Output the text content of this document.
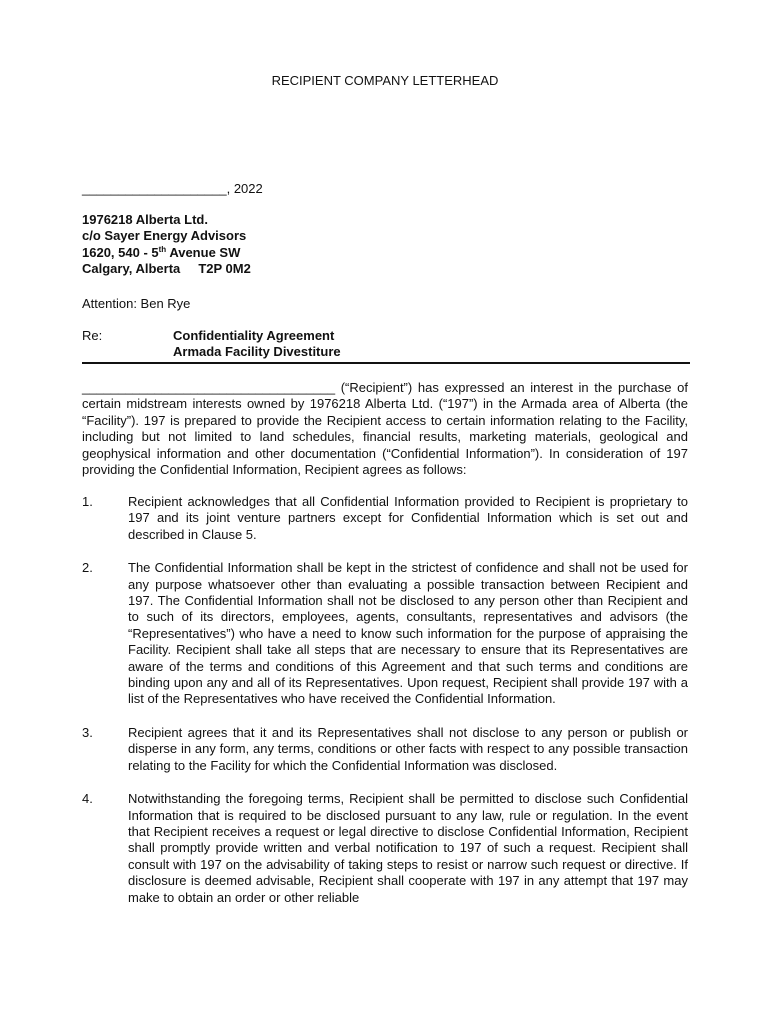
RECIPIENT COMPANY LETTERHEAD
____________________, 2022
1976218 Alberta Ltd.
c/o Sayer Energy Advisors
1620, 540 - 5th Avenue SW
Calgary, Alberta     T2P 0M2
Attention: Ben Rye
Re:	Confidentiality Agreement
Armada Facility Divestiture
___________________________________ (“Recipient”) has expressed an interest in the purchase of certain midstream interests owned by 1976218 Alberta Ltd. (“197”) in the Armada area of Alberta (the “Facility”). 197 is prepared to provide the Recipient access to certain information relating to the Facility, including but not limited to land schedules, financial results, marketing materials, geological and geophysical information and other documentation (“Confidential Information”). In consideration of 197 providing the Confidential Information, Recipient agrees as follows:
1.	Recipient acknowledges that all Confidential Information provided to Recipient is proprietary to 197 and its joint venture partners except for Confidential Information which is set out and described in Clause 5.
2.	The Confidential Information shall be kept in the strictest of confidence and shall not be used for any purpose whatsoever other than evaluating a possible transaction between Recipient and 197. The Confidential Information shall not be disclosed to any person other than Recipient and to such of its directors, employees, agents, consultants, representatives and advisors (the “Representatives”) who have a need to know such information for the purpose of appraising the Facility. Recipient shall take all steps that are necessary to ensure that its Representatives are aware of the terms and conditions of this Agreement and that such terms and conditions are binding upon any and all of its Representatives. Upon request, Recipient shall provide 197 with a list of the Representatives who have received the Confidential Information.
3.	Recipient agrees that it and its Representatives shall not disclose to any person or publish or disperse in any form, any terms, conditions or other facts with respect to any possible transaction relating to the Facility for which the Confidential Information was disclosed.
4.	Notwithstanding the foregoing terms, Recipient shall be permitted to disclose such Confidential Information that is required to be disclosed pursuant to any law, rule or regulation. In the event that Recipient receives a request or legal directive to disclose Confidential Information, Recipient shall promptly provide written and verbal notification to 197 of such a request. Recipient shall consult with 197 on the advisability of taking steps to resist or narrow such request or directive. If disclosure is deemed advisable, Recipient shall cooperate with 197 in any attempt that 197 may make to obtain an order or other reliable
